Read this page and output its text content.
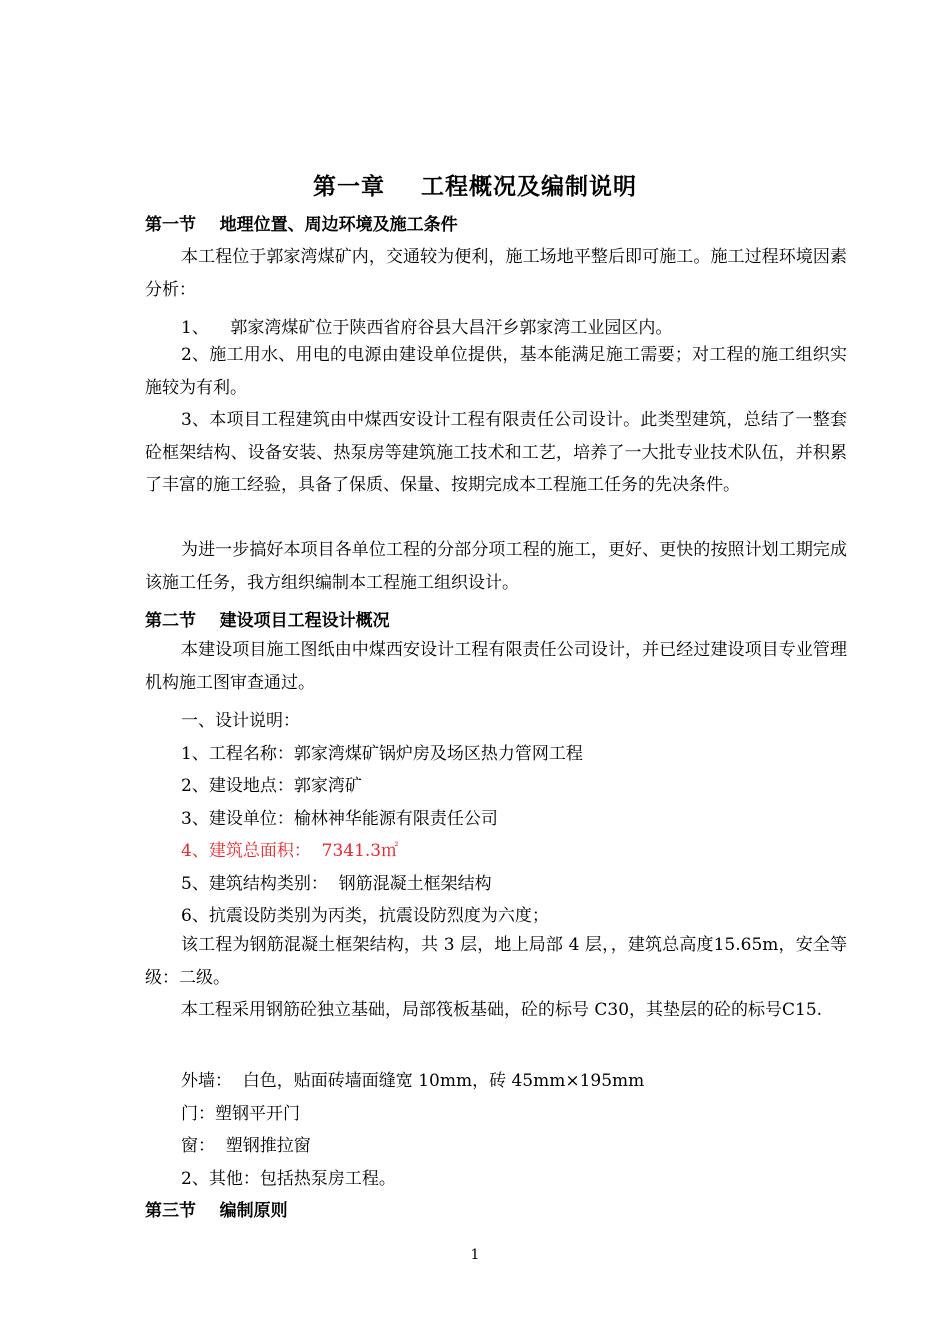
第一章    工程概况及编制说明
第一节    地理位置、周边环境及施工条件

本工程位于郭家湾煤矿内，交通较为便利，施工场地平整后即可施工。施工过程环境因素分析：

1、    郭家湾煤矿位于陕西省府谷县大昌汗乡郭家湾工业园区内。

2、施工用水、用电的电源由建设单位提供，基本能满足施工需要；对工程的施工组织实施较为有利。

3、本项目工程建筑由中煤西安设计工程有限责任公司设计。此类型建筑，总结了一整套砼框架结构、设备安装、热泵房等建筑施工技术和工艺，培养了一大批专业技术队伍，并积累了丰富的施工经验，具备了保质、保量、按期完成本工程施工任务的先决条件。

为进一步搞好本项目各单位工程的分部分项工程的施工，更好、更快的按照计划工期完成该施工任务，我方组织编制本工程施工组织设计。

第二节    建设项目工程设计概况

本建设项目施工图纸由中煤西安设计工程有限责任公司设计，并已经过建设项目专业管理机构施工图审查通过。

一、设计说明：
1、工程名称：郭家湾煤矿锅炉房及场区热力管网工程
2、建设地点：郭家湾矿
3、建设单位：榆林神华能源有限责任公司
4、建筑总面积：  7341.3㎡
5、建筑结构类别：  钢筋混凝土框架结构
6、抗震设防类别为丙类，抗震设防烈度为六度；

该工程为钢筋混凝土框架结构，共 3 层，地上局部 4 层，，建筑总高度15.65m，安全等级：二级。

本工程采用钢筋砼独立基础，局部筏板基础，砼的标号 C30，其垫层的砼的标号C15.

外墙：  白色，贴面砖墙面缝宽 10mm，砖 45mm×195mm
门：塑钢平开门
窗：  塑钢推拉窗
2、其他：包括热泵房工程。
第三节    编制原则
1
